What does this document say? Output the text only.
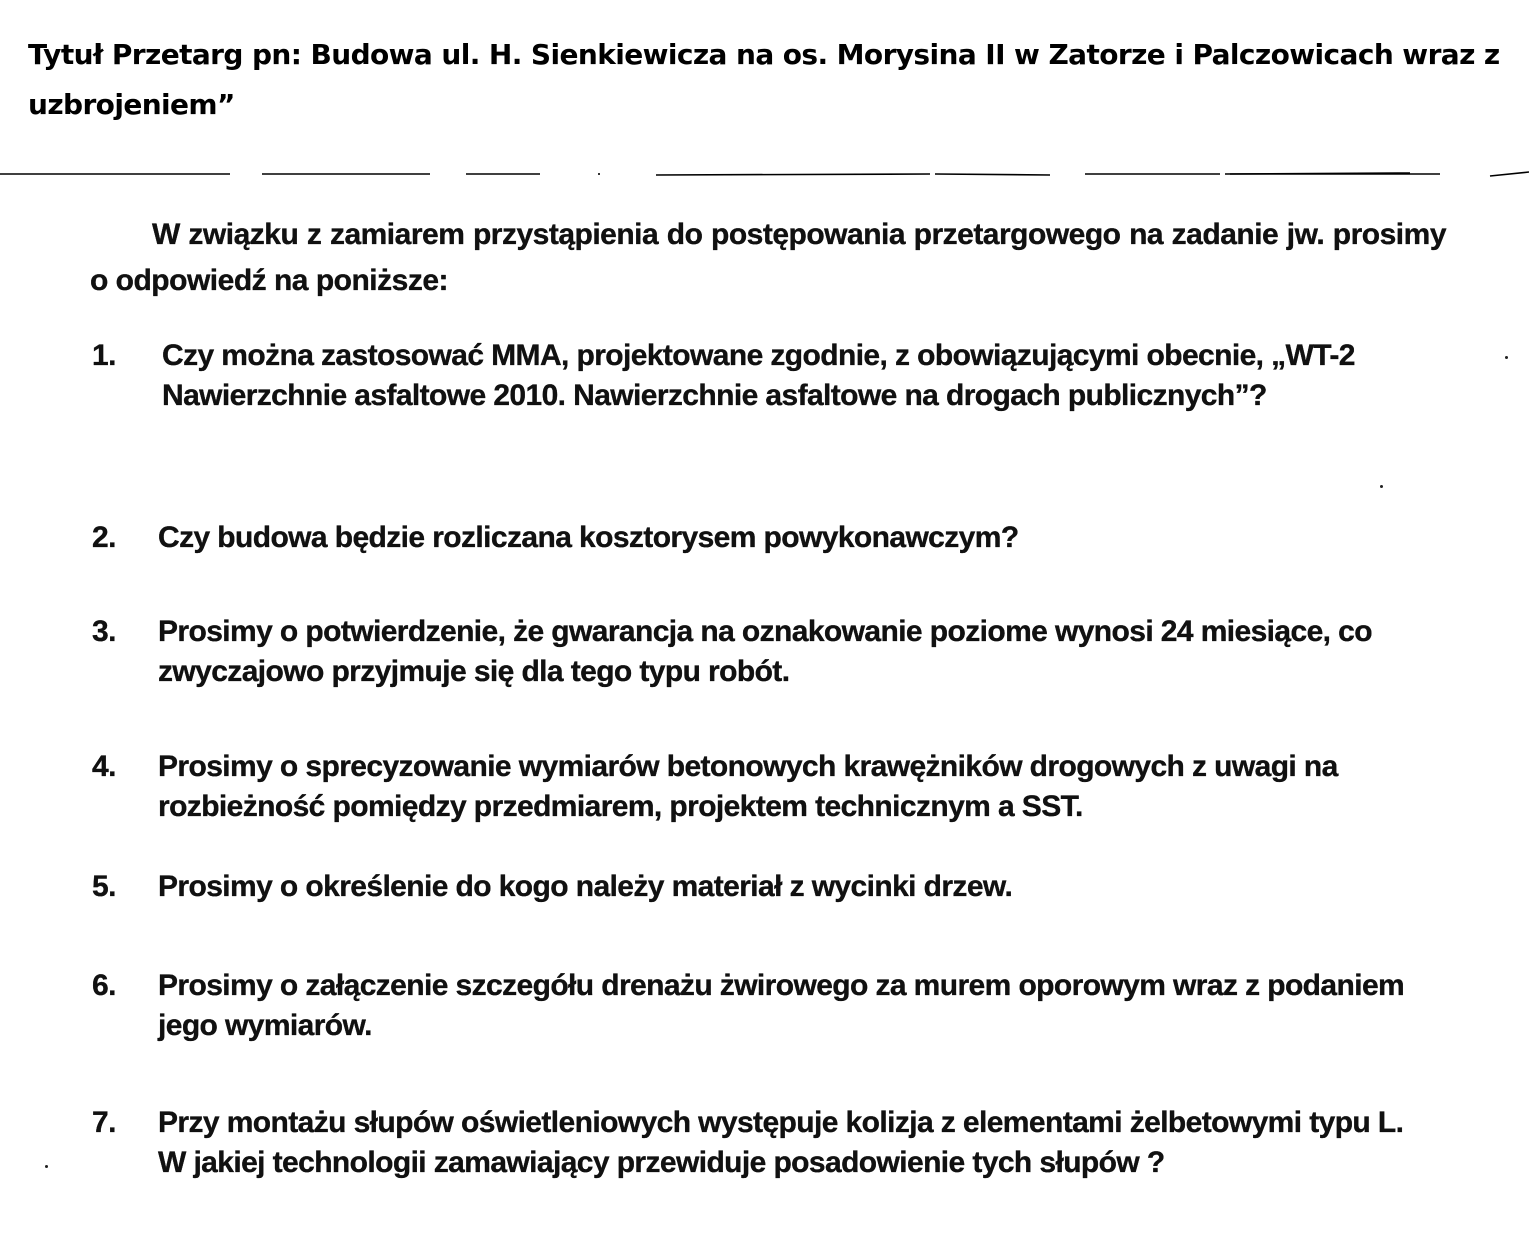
Tytuł Przetarg pn: Budowa ul. H. Sienkiewicza na os. Morysina II w Zatorze i Palczowicach wraz z uzbrojeniem”
W związku z zamiarem przystąpienia do postępowania przetargowego na zadanie jw. prosimy o odpowiedź na poniższe:
1.	Czy można zastosować MMA, projektowane zgodnie, z obowiązującymi obecnie, „WT-2 Nawierzchnie asfaltowe 2010. Nawierzchnie asfaltowe na drogach publicznych”?
2.	Czy budowa będzie rozliczana kosztorysem powykonawczym?
3.	Prosimy o potwierdzenie, że gwarancja na oznakowanie poziome wynosi 24 miesiące, co zwyczajowo przyjmuje się dla tego typu robót.
4.	Prosimy o sprecyzowanie wymiarów betonowych krawężników drogowych z uwagi na rozbieżność pomiędzy przedmiarem, projektem technicznym a SST.
5.	Prosimy o określenie do kogo należy materiał z wycinki drzew.
6.	Prosimy o załączenie szczegółu drenażu żwirowego za murem oporowym wraz z podaniem jego wymiarów.
7.	Przy montażu słupów oświetleniowych występuje kolizja z elementami żelbetowymi typu L. W jakiej technologii zamawiający przewiduje posadowienie tych słupów ?
